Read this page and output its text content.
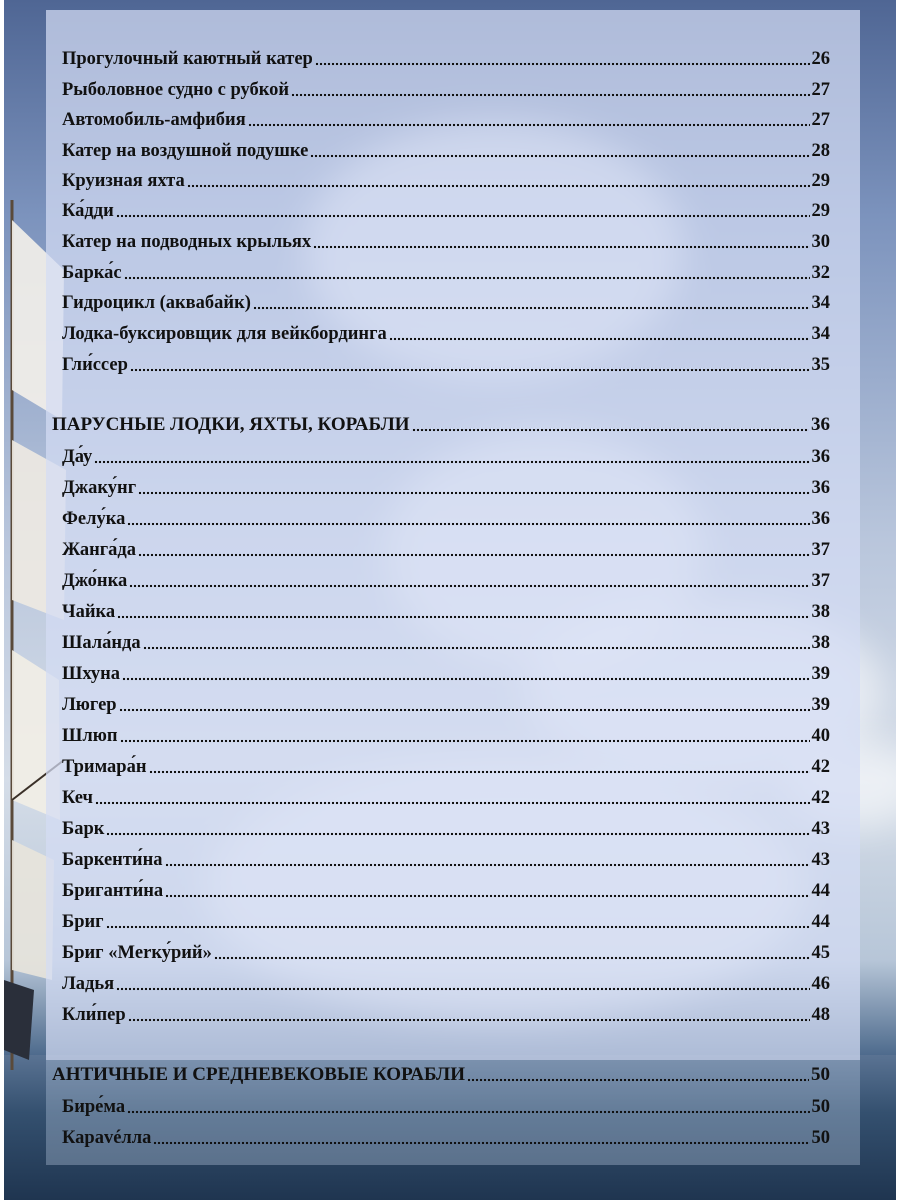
Прогулочный каютный катер	26
Рыболовное судно с рубкой	27
Автомобиль-амфибия	27
Катер на воздушной подушке	28
Круизная яхта	29
Ка́дди	29
Катер на подводных крыльях	30
Барка́с	32
Гидроцикл (аквабайк)	34
Лодка-буксировщик для вейкбординга	34
Гли́ссер	35
ПАРУСНЫЕ ЛОДКИ, ЯХТЫ, КОРАБЛИ	36
Да́у	36
Джаку́нг	36
Фелу́ка	36
Жанга́да	37
Джо́нка	37
Чайка	38
Шала́нда	38
Шхуна	39
Люгер	39
Шлюп	40
Тримара́н	42
Кеч	42
Барк	43
Баркенти́на	43
Бриганти́на	44
Бриг	44
Бриг «Merку́рий»	45
Ладья	46
Кли́пер	48
АНТИЧНЫЕ И СРЕДНЕВЕКОВЫЕ КОРАБЛИ	50
Бире́ма	50
Карavéлла	50
